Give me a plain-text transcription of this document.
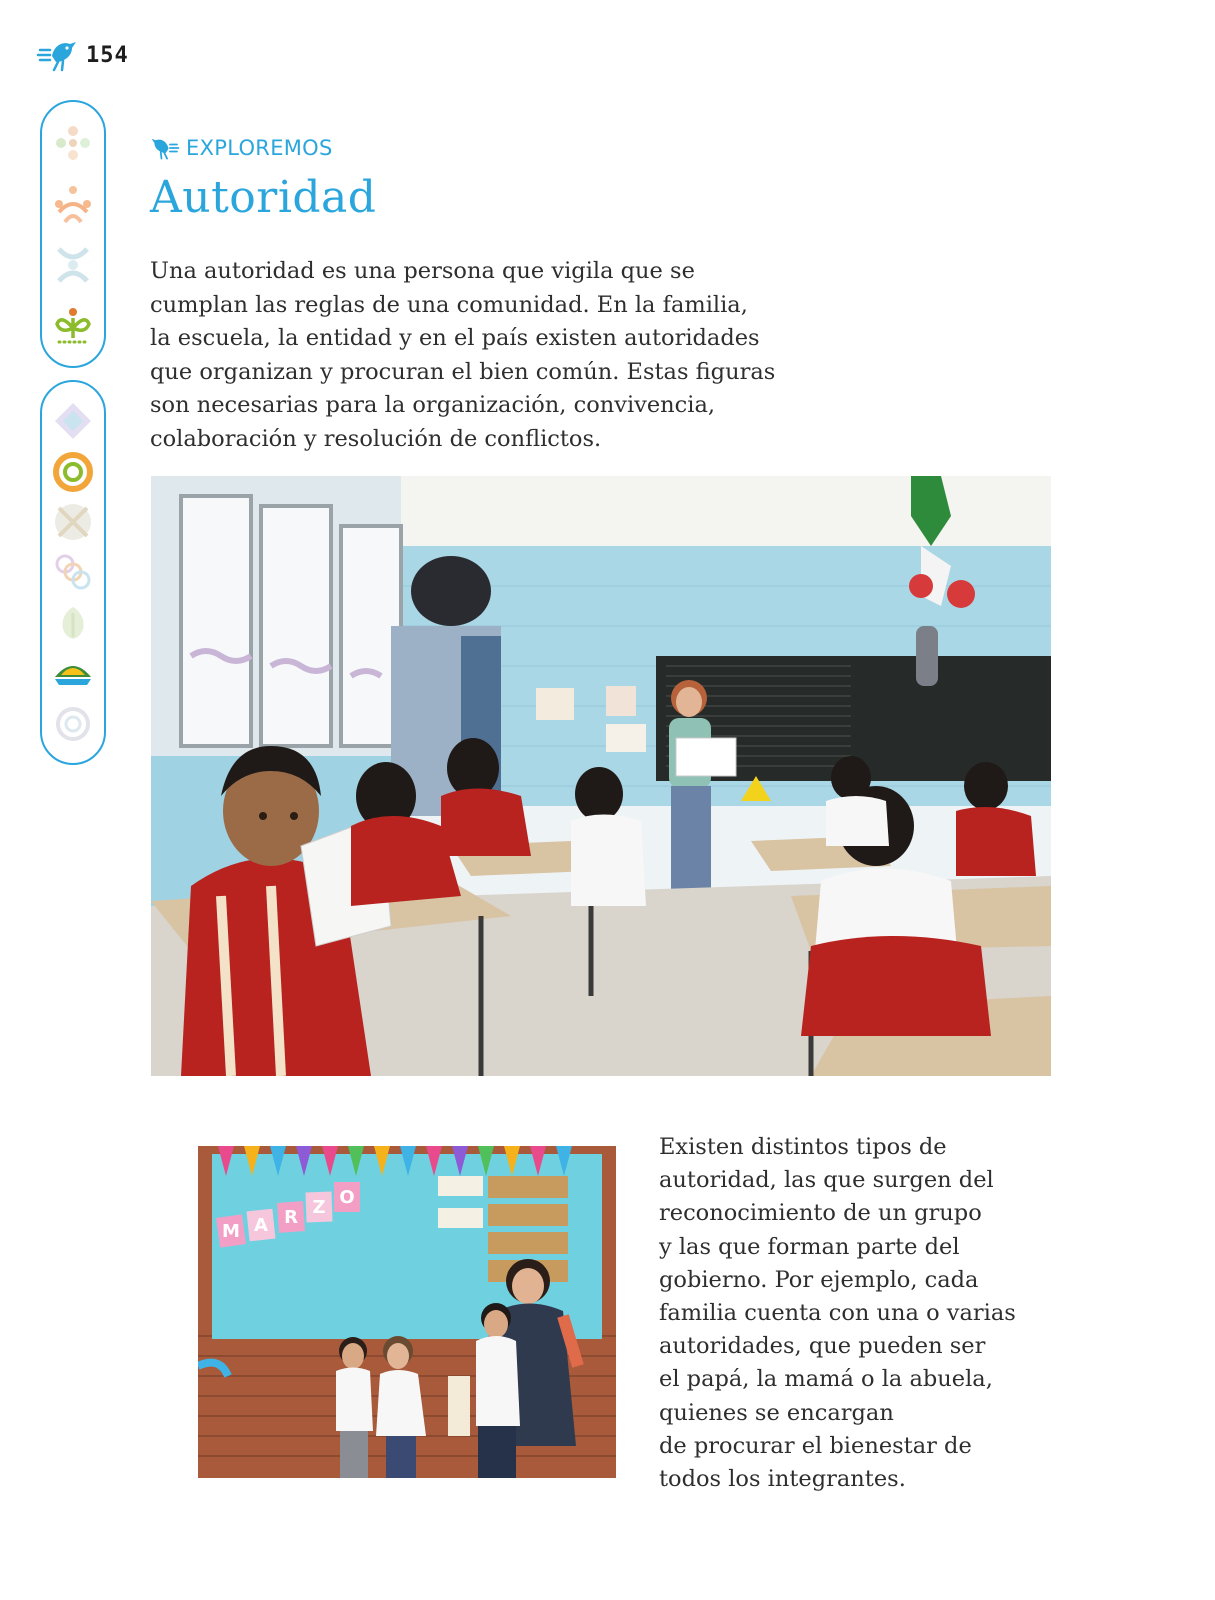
154
EXPLOREMOS
Autoridad
Una autoridad es una persona que vigila que se
cumplan las reglas de una comunidad. En la familia,
la escuela, la entidad y en el país existen autoridades
que organizan y procuran el bien común. Estas figuras
son necesarias para la organización, convivencia,
colaboración y resolución de conflictos.
M A R Z O
Existen distintos tipos de
autoridad, las que surgen del
reconocimiento de un grupo
y las que forman parte del
gobierno. Por ejemplo, cada
familia cuenta con una o varias
autoridades, que pueden ser
el papá, la mamá o la abuela,
quienes se encargan
de procurar el bienestar de
todos los integrantes.
